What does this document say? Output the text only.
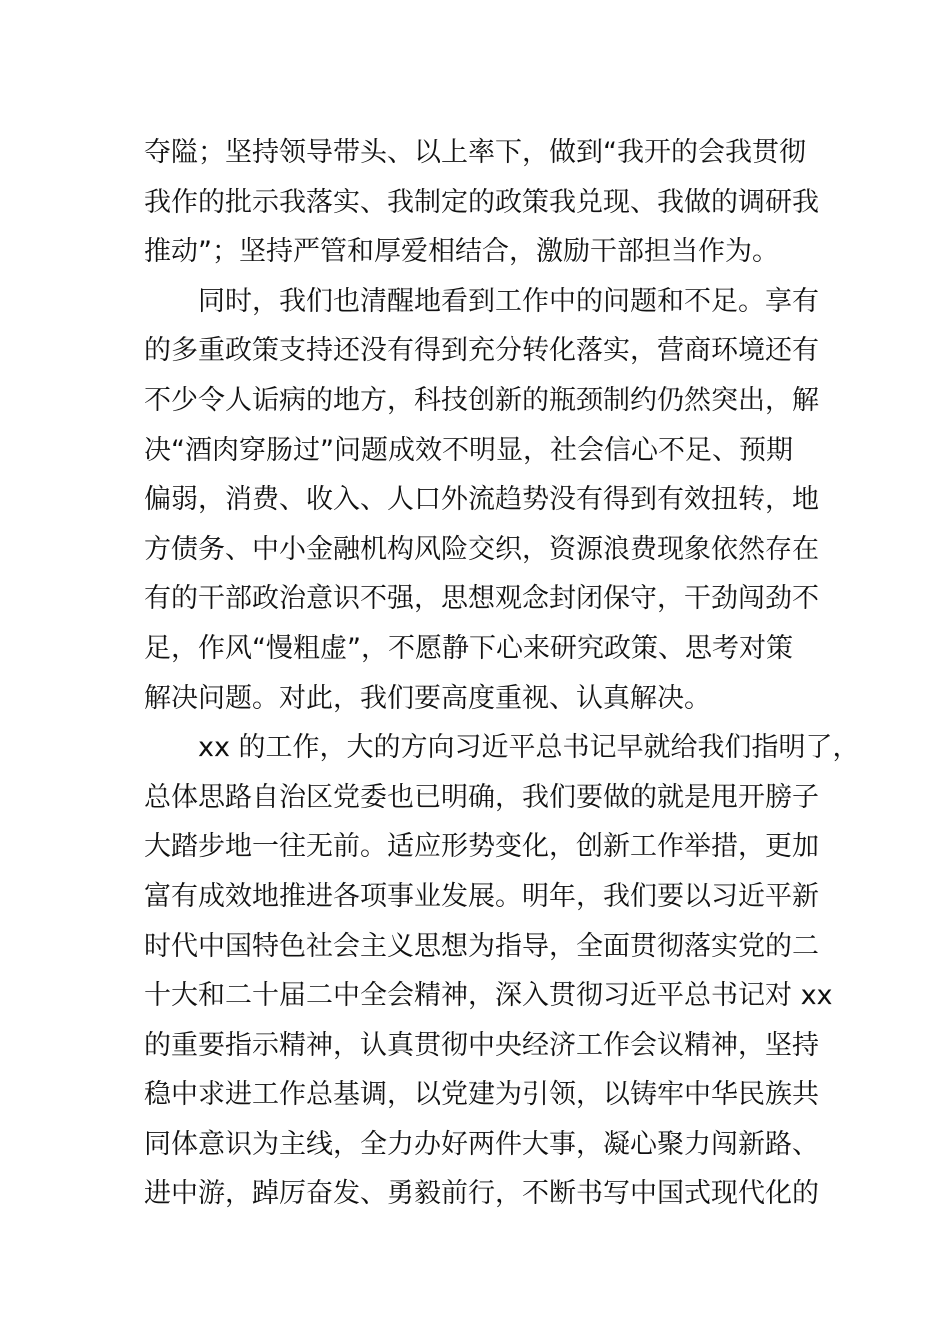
夺隘；坚持领导带头、以上率下，做到“我开的会我贯彻
我作的批示我落实、我制定的政策我兑现、我做的调研我
推动”；坚持严管和厚爱相结合，激励干部担当作为。
同时，我们也清醒地看到工作中的问题和不足。享有
的多重政策支持还没有得到充分转化落实，营商环境还有
不少令人诟病的地方，科技创新的瓶颈制约仍然突出，解
决“酒肉穿肠过”问题成效不明显，社会信心不足、预期
偏弱，消费、收入、人口外流趋势没有得到有效扭转，地
方债务、中小金融机构风险交织，资源浪费现象依然存在
有的干部政治意识不强，思想观念封闭保守，干劲闯劲不
足，作风“慢粗虚”，不愿静下心来研究政策、思考对策
解决问题。对此，我们要高度重视、认真解决。
xx 的工作，大的方向习近平总书记早就给我们指明了，
总体思路自治区党委也已明确，我们要做的就是甩开膀子
大踏步地一往无前。适应形势变化，创新工作举措，更加
富有成效地推进各项事业发展。明年，我们要以习近平新
时代中国特色社会主义思想为指导，全面贯彻落实党的二
十大和二十届二中全会精神，深入贯彻习近平总书记对 xx
的重要指示精神，认真贯彻中央经济工作会议精神，坚持
稳中求进工作总基调，以党建为引领，以铸牢中华民族共
同体意识为主线，全力办好两件大事，凝心聚力闯新路、
进中游，踔厉奋发、勇毅前行，不断书写中国式现代化的
